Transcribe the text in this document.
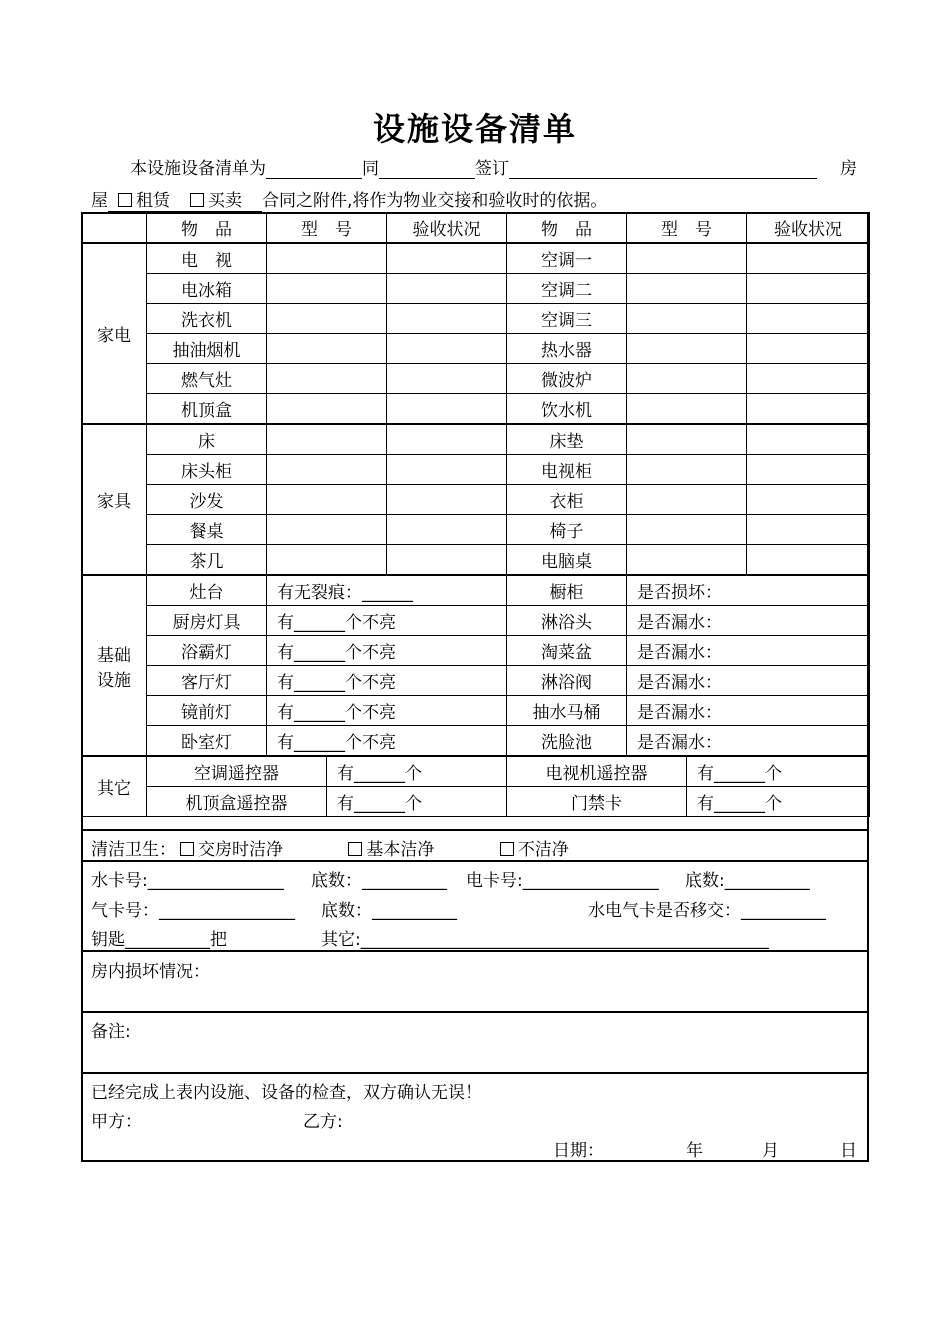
设施设备清单
本设施设备清单为	同	签订	房
屋 租赁 买卖 合同之附件,将作为物业交接和验收时的依据。
	物　品	型　号		验收状况	物　品	型　号		验收状况
家电	电　视				空调一			
	电冰箱				空调二			
	洗衣机				空调三			
	抽油烟机				热水器			
	燃气灶				微波炉			
	机顶盒				饮水机			
家具	床				床垫			
	床头柜				电视柜			
	沙发				衣柜			
	餐桌				椅子			
	茶几				电脑桌			
基础
设施	灶台	有无裂痕：______			橱柜	是否损坏：		
	厨房灯具	有______个不亮			淋浴头	是否漏水：		
	浴霸灯	有______个不亮			淘菜盆	是否漏水：		
	客厅灯	有______个不亮			淋浴阀	是否漏水：		
	镜前灯	有______个不亮			抽水马桶	是否漏水：		
	卧室灯	有______个不亮			洗脸池	是否漏水：		
其它	空调遥控器		有______个		电视机遥控器		有______个	
	机顶盒遥控器		有______个		门禁卡		有______个	
清洁卫生： 交房时洁净	基本洁净	不洁净
水卡号:________________ 底数：__________ 电卡号:________________ 底数:__________
气卡号：________________ 底数：__________	水电气卡是否移交：__________
钥匙__________把	其它:________________________________________________
房内损坏情况：
备注:
已经完成上表内设施、设备的检查，双方确认无误！
甲方：	乙方:
日期：	年	月	日
